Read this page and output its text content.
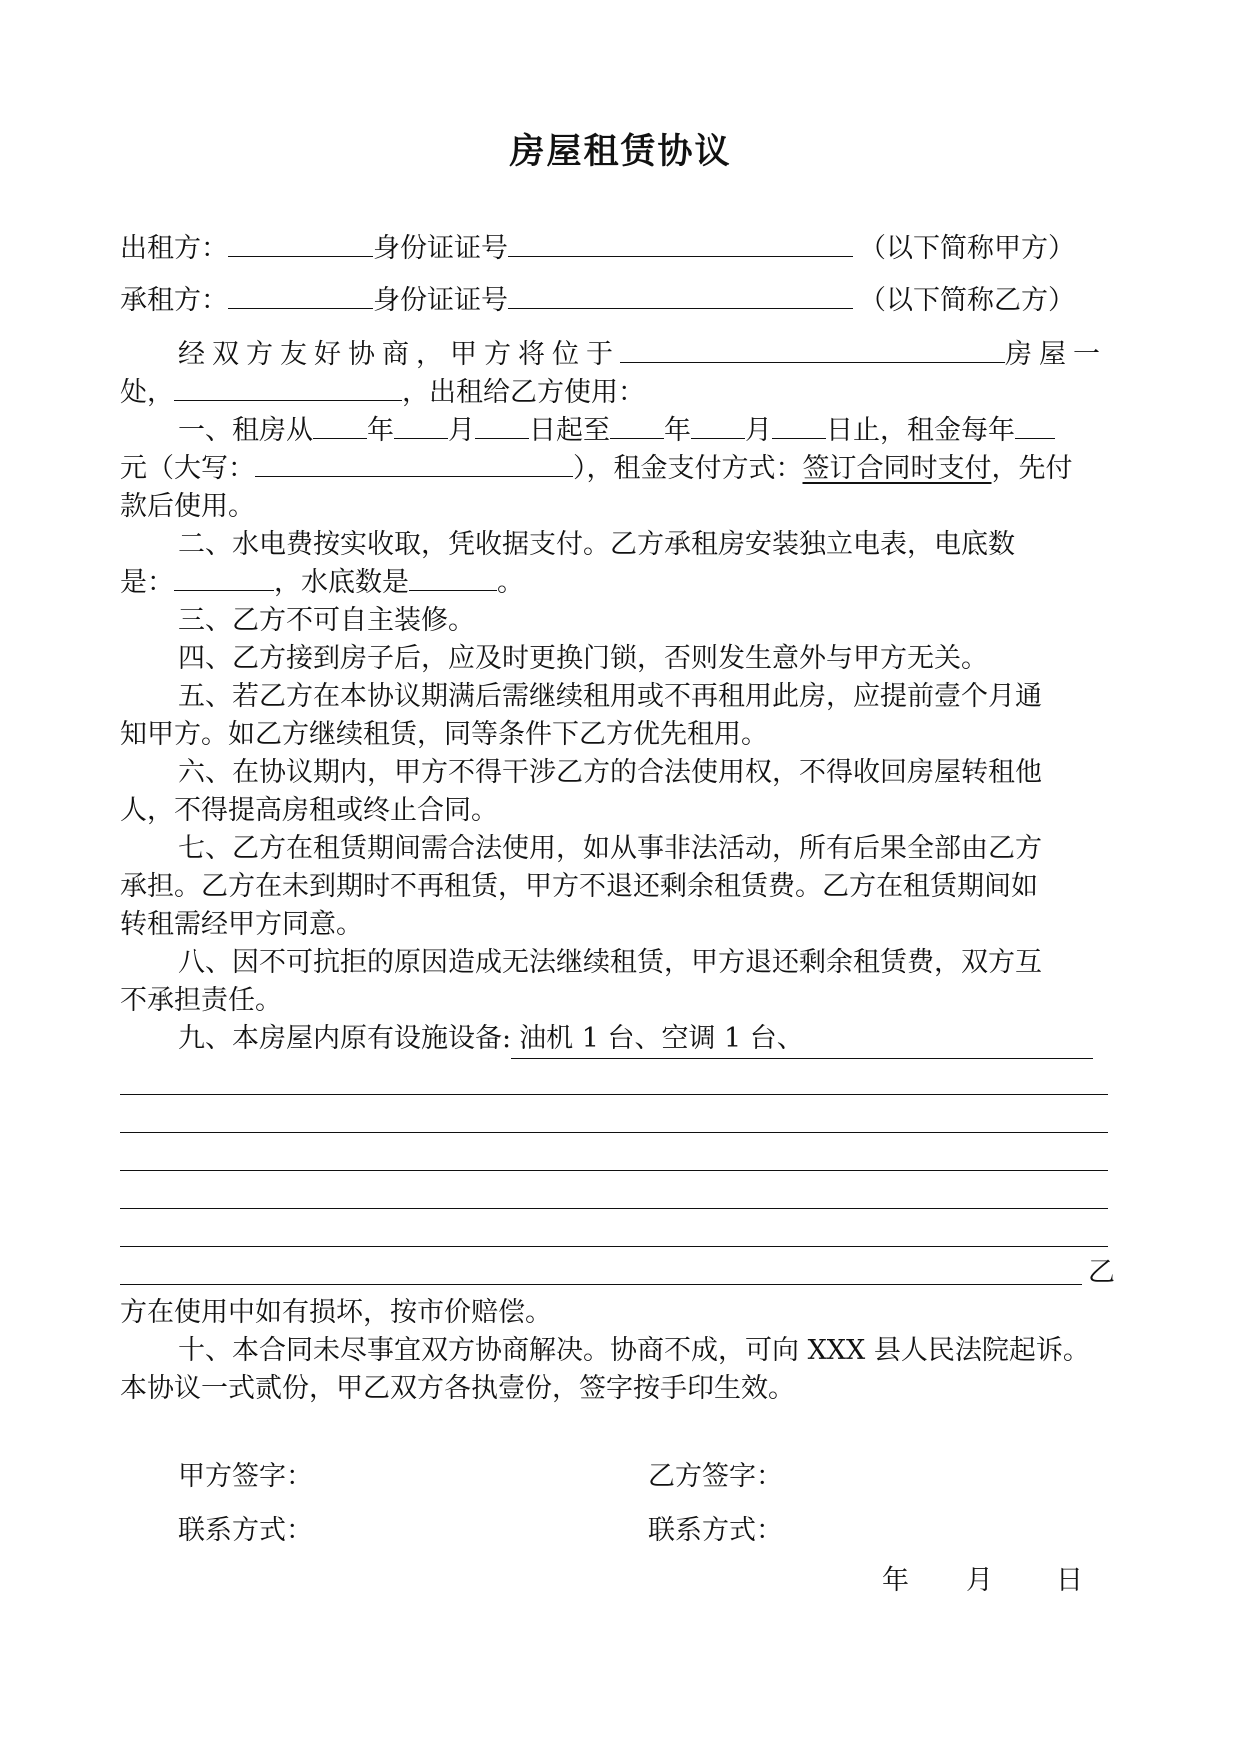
房屋租赁协议
出租方：	身份证证号	（以下简称甲方）
承租方：	身份证证号	（以下简称乙方）
经双方友好协商，甲方将位于	房屋一
处，	，出租给乙方使用：
一、租房从 年 月 日起至 年 月 日止，租金每年
元（大写：	），租金支付方式：签订合同时支付，先付
款后使用。
二、水电费按实收取，凭收据支付。乙方承租房安装独立电表，电底数
是：	，水底数是	。
三、乙方不可自主装修。
四、乙方接到房子后，应及时更换门锁，否则发生意外与甲方无关。
五、若乙方在本协议期满后需继续租用或不再租用此房，应提前壹个月通
知甲方。如乙方继续租赁，同等条件下乙方优先租用。
六、在协议期内，甲方不得干涉乙方的合法使用权，不得收回房屋转租他
人，不得提高房租或终止合同。
七、乙方在租赁期间需合法使用，如从事非法活动，所有后果全部由乙方
承担。乙方在未到期时不再租赁，甲方不退还剩余租赁费。乙方在租赁期间如
转租需经甲方同意。
八、因不可抗拒的原因造成无法继续租赁，甲方退还剩余租赁费，双方互
不承担责任。
九、本房屋内原有设施设备: 油机 1 台、空调 1 台、
乙
方在使用中如有损坏，按市价赔偿。
十、本合同未尽事宜双方协商解决。协商不成，可向 XXX 县人民法院起诉。
本协议一式贰份，甲乙双方各执壹份，签字按手印生效。
甲方签字：	乙方签字：
联系方式：	联系方式：
年 月 日
